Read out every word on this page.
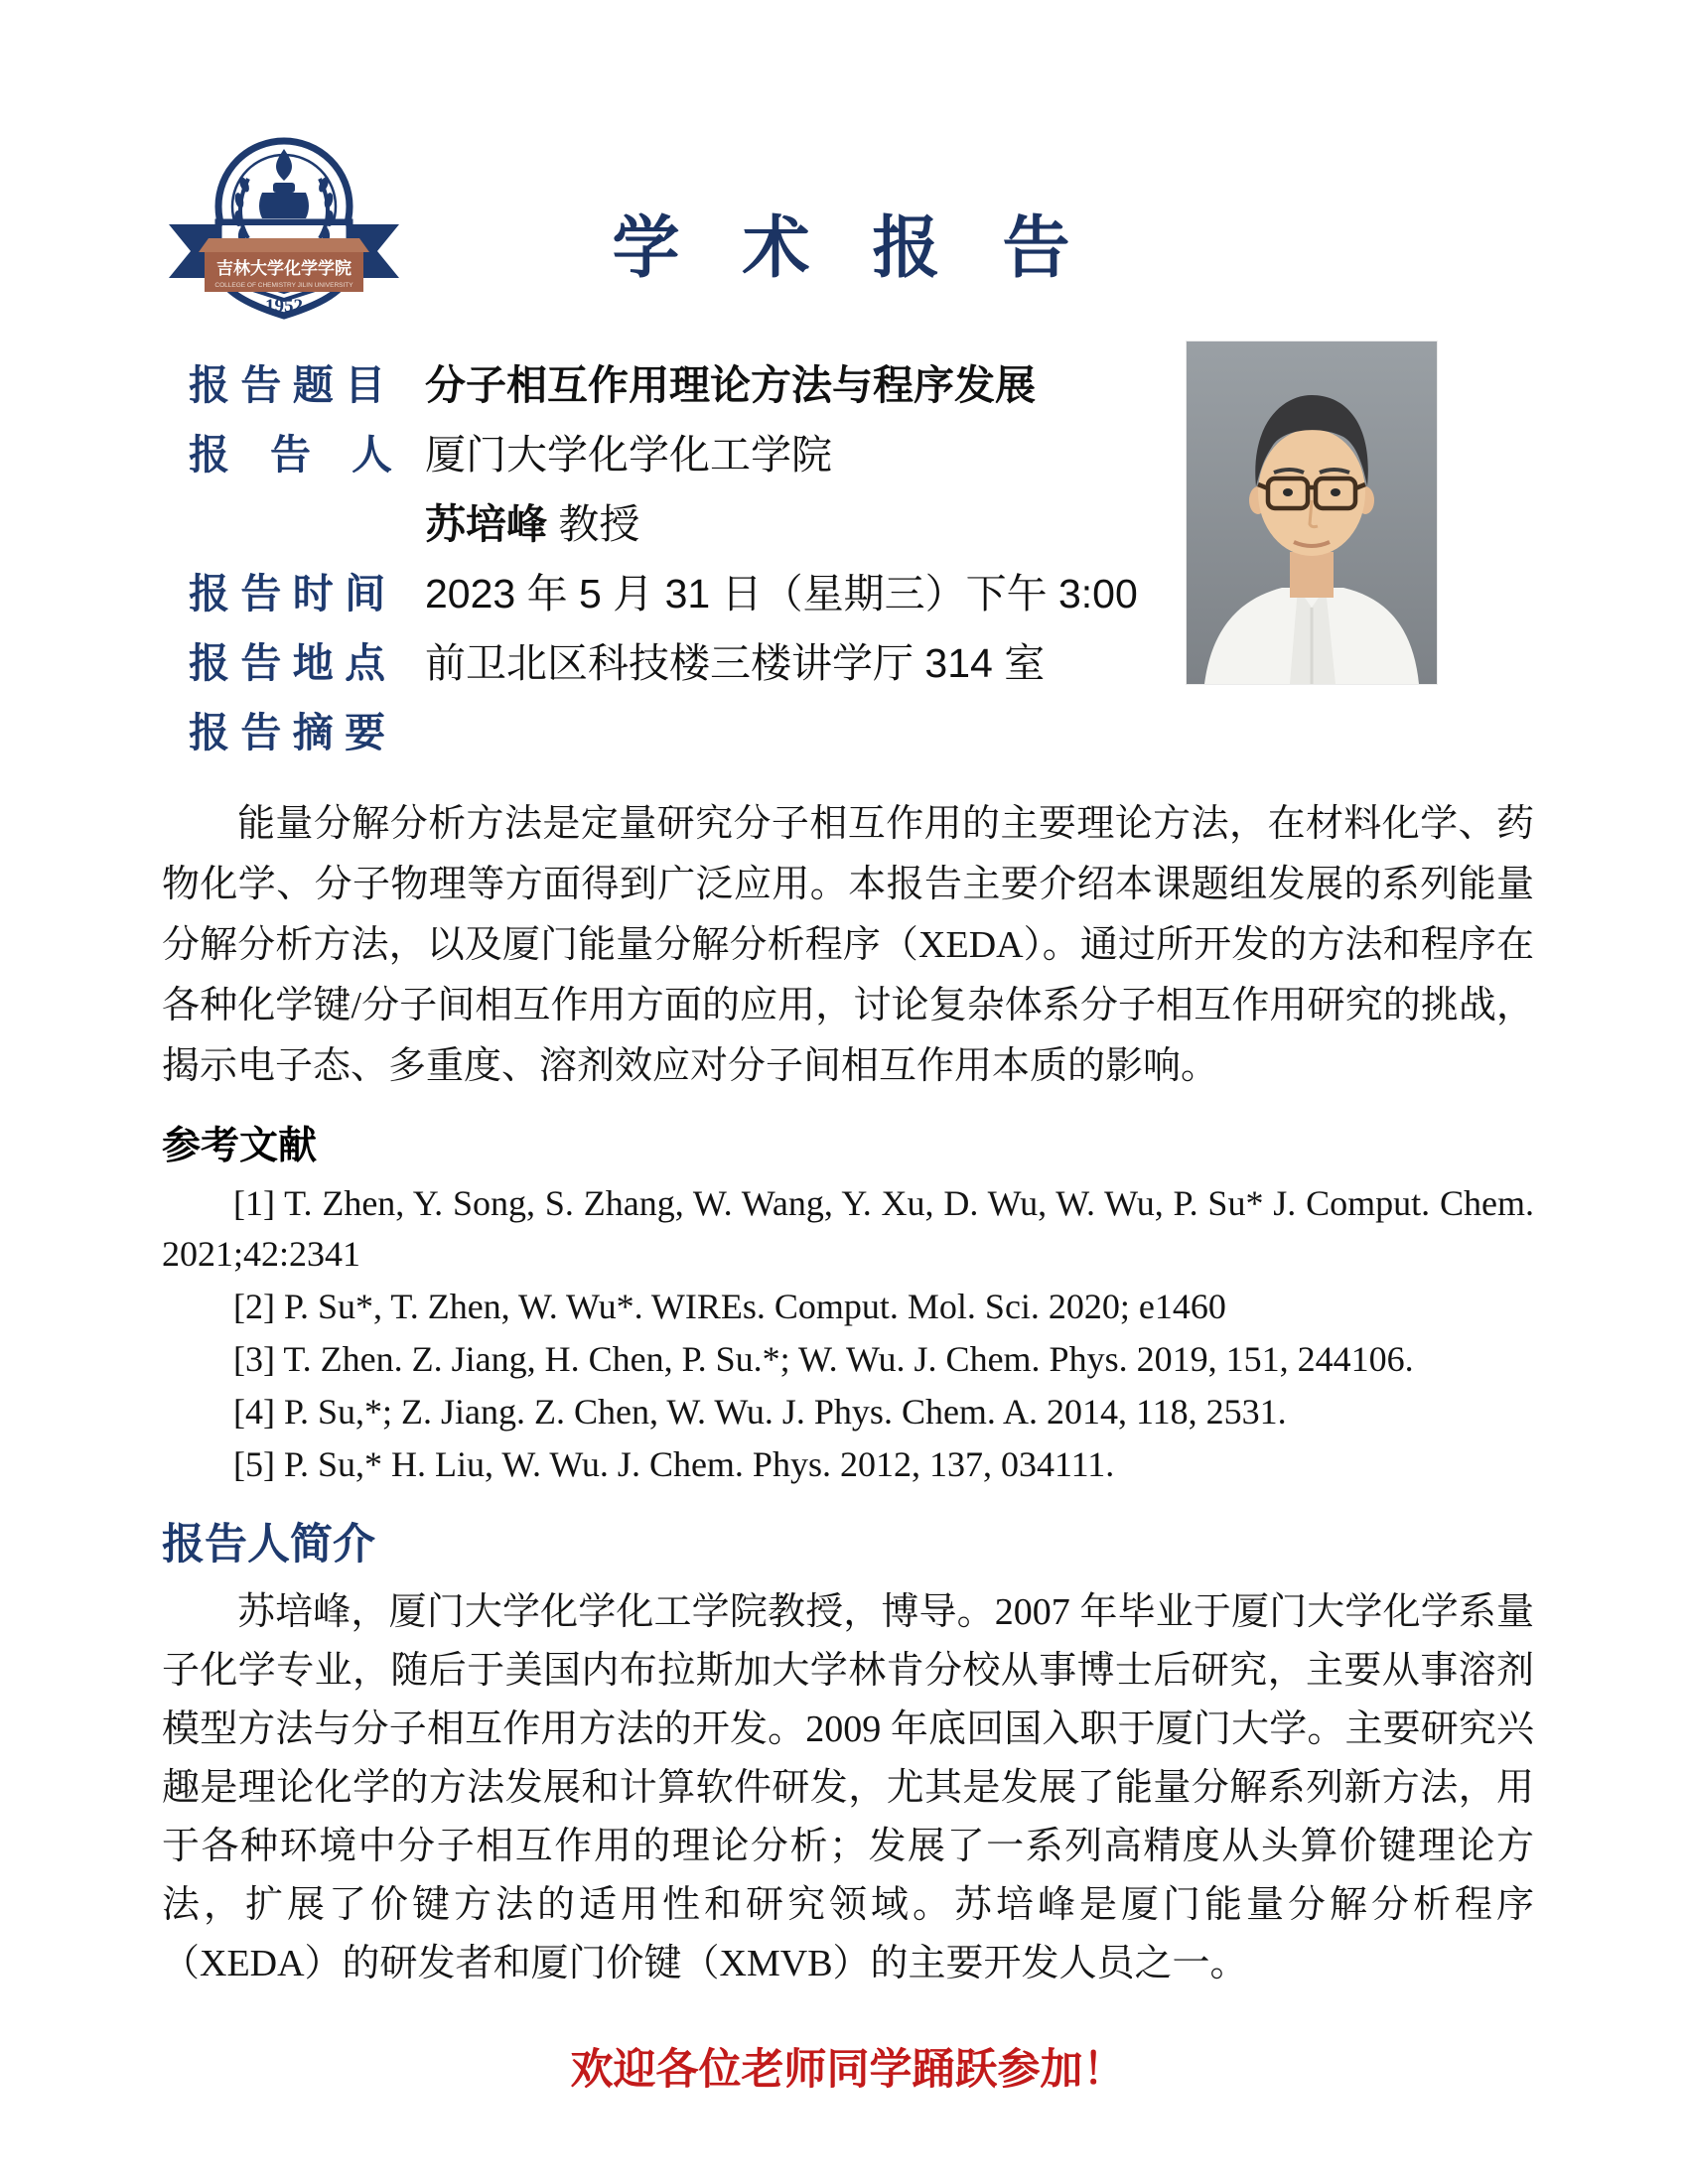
吉林大学化学学院
COLLEGE OF CHEMISTRY JILIN UNIVERSITY
1952
学 术 报 告
报 告 题 目 分子相互作用理论方法与程序发展
报　告　人 厦门大学化学化工学院
苏培峰 教授
报 告 时 间 2023 年 5 月 31 日（星期三）下午 3:00
报 告 地 点 前卫北区科技楼三楼讲学厅 314 室
报 告 摘 要

能量分解分析方法是定量研究分子相互作用的主要理论方法，在材料化学、药物化学、分子物理等方面得到广泛应用。本报告主要介绍本课题组发展的系列能量分解分析方法，以及厦门能量分解分析程序（XEDA）。通过所开发的方法和程序在各种化学键/分子间相互作用方面的应用，讨论复杂体系分子相互作用研究的挑战，揭示电子态、多重度、溶剂效应对分子间相互作用本质的影响。

参考文献

[1] T. Zhen, Y. Song, S. Zhang, W. Wang, Y. Xu, D. Wu, W. Wu, P. Su* J. Comput. Chem. 2021;42:2341

[2] P. Su*, T. Zhen, W. Wu*. WIREs. Comput. Mol. Sci. 2020; e1460

[3] T. Zhen. Z. Jiang, H. Chen, P. Su.*; W. Wu. J. Chem. Phys. 2019, 151, 244106.

[4] P. Su,*; Z. Jiang. Z. Chen, W. Wu. J. Phys. Chem. A. 2014, 118, 2531.

[5] P. Su,* H. Liu, W. Wu. J. Chem. Phys. 2012, 137, 034111.

报告人简介

苏培峰，厦门大学化学化工学院教授，博导。2007 年毕业于厦门大学化学系量子化学专业，随后于美国内布拉斯加大学林肯分校从事博士后研究，主要从事溶剂模型方法与分子相互作用方法的开发。2009 年底回国入职于厦门大学。主要研究兴趣是理论化学的方法发展和计算软件研发，尤其是发展了能量分解系列新方法，用于各种环境中分子相互作用的理论分析；发展了一系列高精度从头算价键理论方法，扩展了价键方法的适用性和研究领域。苏培峰是厦门能量分解分析程序（XEDA）的研发者和厦门价键（XMVB）的主要开发人员之一。

欢迎各位老师同学踊跃参加！
